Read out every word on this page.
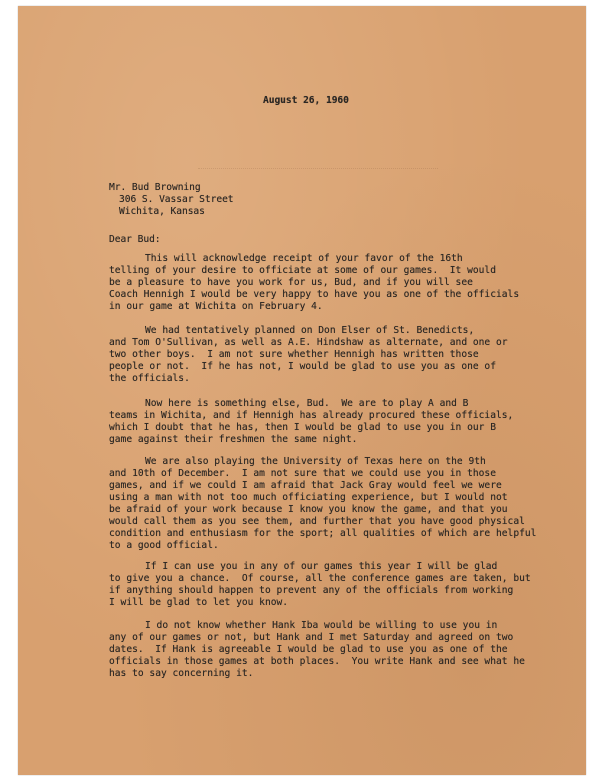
August 26, 1960
Mr. Bud Browning
306 S. Vassar Street
Wichita, Kansas
Dear Bud:
This will acknowledge receipt of your favor of the 16th
telling of your desire to officiate at some of our games.  It would
be a pleasure to have you work for us, Bud, and if you will see
Coach Hennigh I would be very happy to have you as one of the officials
in our game at Wichita on February 4.
We had tentatively planned on Don Elser of St. Benedicts,
and Tom O'Sullivan, as well as A.E. Hindshaw as alternate, and one or
two other boys.  I am not sure whether Hennigh has written those
people or not.  If he has not, I would be glad to use you as one of
the officials.
Now here is something else, Bud.  We are to play A and B
teams in Wichita, and if Hennigh has already procured these officials,
which I doubt that he has, then I would be glad to use you in our B
game against their freshmen the same night.
We are also playing the University of Texas here on the 9th
and 10th of December.  I am not sure that we could use you in those
games, and if we could I am afraid that Jack Gray would feel we were
using a man with not too much officiating experience, but I would not
be afraid of your work because I know you know the game, and that you
would call them as you see them, and further that you have good physical
condition and enthusiasm for the sport; all qualities of which are helpful
to a good official.
If I can use you in any of our games this year I will be glad
to give you a chance.  Of course, all the conference games are taken, but
if anything should happen to prevent any of the officials from working
I will be glad to let you know.
I do not know whether Hank Iba would be willing to use you in
any of our games or not, but Hank and I met Saturday and agreed on two
dates.  If Hank is agreeable I would be glad to use you as one of the
officials in those games at both places.  You write Hank and see what he
has to say concerning it.
